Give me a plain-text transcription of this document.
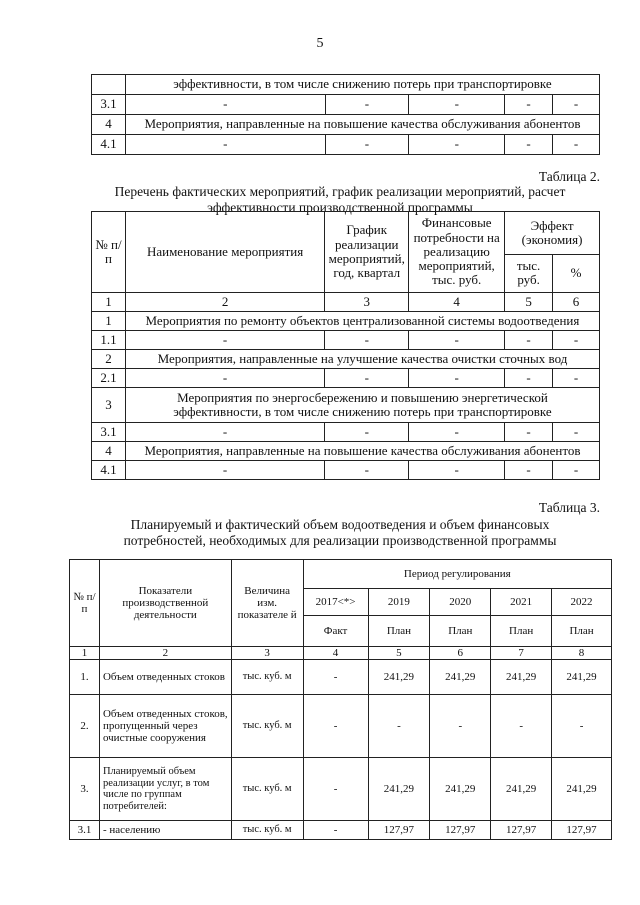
5
	эффективности, в том числе снижению потерь при транспортировке				
3.1	-	-	-	-	-
4	Мероприятия, направленные на повышение качества обслуживания абонентов				
4.1	-	-	-	-	-
Таблица 2.
Перечень фактических мероприятий, график реализации мероприятий, расчет
эффективности производственной программы
№ п/ п	Наименование мероприятия	График реализации мероприятий, год, квартал	Финансовые потребности на реализацию мероприятий, тыс. руб.	Эффект (экономия)	
				тыс. руб.	%
1	2	3	4	5	6
1	Мероприятия по ремонту объектов централизованной системы водоотведения				
1.1	-	-	-	-	-
2	Мероприятия, направленные на улучшение качества очистки сточных вод				
2.1	-	-	-	-	-
3	Мероприятия по энергосбережению и повышению энергетической эффективности, в том числе снижению потерь при транспортировке				
3.1	-	-	-	-	-
4	Мероприятия, направленные на повышение качества обслуживания абонентов				
4.1	-	-	-	-	-
Таблица 3.
Планируемый и фактический объем водоотведения и объем финансовых
потребностей, необходимых для реализации производственной программы
№ п/п	Показатели производственной деятельности	Величина изм. показателе й	Период регулирования				
			2017<*>	2019	2020	2021	2022
			Факт	План	План	План	План
1	2	3	4	5	6	7	8
1.	Объем отведенных стоков	тыс. куб. м	-	241,29	241,29	241,29	241,29
2.	Объем отведенных стоков, пропущенный через очистные сооружения	тыс. куб. м	-	-	-	-	-
3.	Планируемый объем реализации услуг, в том числе по группам потребителей:	тыс. куб. м	-	241,29	241,29	241,29	241,29
3.1	- населению	тыс. куб. м	-	127,97	127,97	127,97	127,97
